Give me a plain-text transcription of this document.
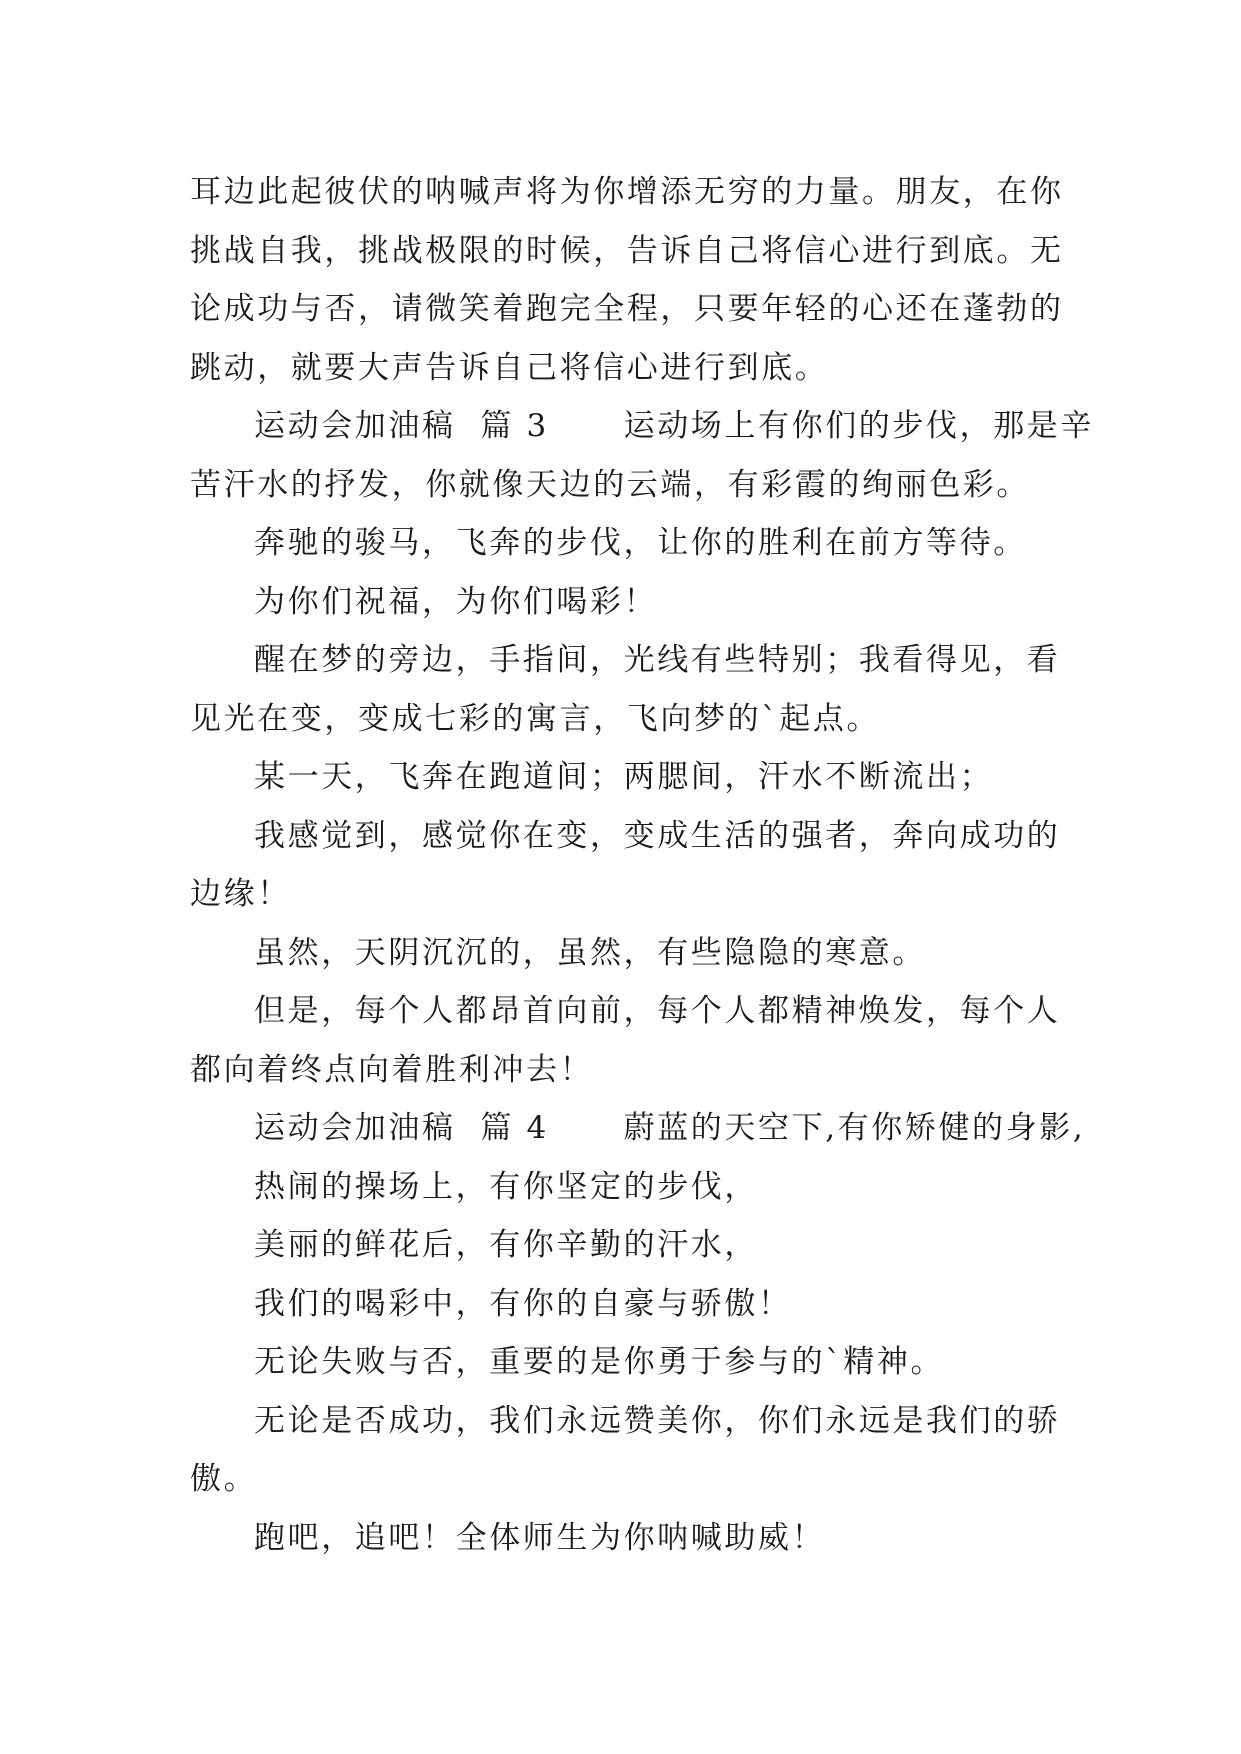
耳边此起彼伏的呐喊声将为你增添无穷的力量。朋友，在你
挑战自我，挑战极限的时候，告诉自己将信心进行到底。无
论成功与否，请微笑着跑完全程，只要年轻的心还在蓬勃的
跳动，就要大声告诉自己将信心进行到底。
运动会加油稿  篇 3      运动场上有你们的步伐，那是辛
苦汗水的抒发，你就像天边的云端，有彩霞的绚丽色彩。
奔驰的骏马，飞奔的步伐，让你的胜利在前方等待。
为你们祝福，为你们喝彩！
醒在梦的旁边，手指间，光线有些特别；我看得见，看
见光在变，变成七彩的寓言，飞向梦的`起点。
某一天，飞奔在跑道间；两腮间，汗水不断流出；
我感觉到，感觉你在变，变成生活的强者，奔向成功的
边缘！
虽然，天阴沉沉的，虽然，有些隐隐的寒意。
但是，每个人都昂首向前，每个人都精神焕发，每个人
都向着终点向着胜利冲去！
运动会加油稿  篇 4      蔚蓝的天空下,有你矫健的身影,
热闹的操场上，有你坚定的步伐，
美丽的鲜花后，有你辛勤的汗水，
我们的喝彩中，有你的自豪与骄傲！
无论失败与否，重要的是你勇于参与的`精神。
无论是否成功，我们永远赞美你，你们永远是我们的骄
傲。
跑吧，追吧！全体师生为你呐喊助威！
